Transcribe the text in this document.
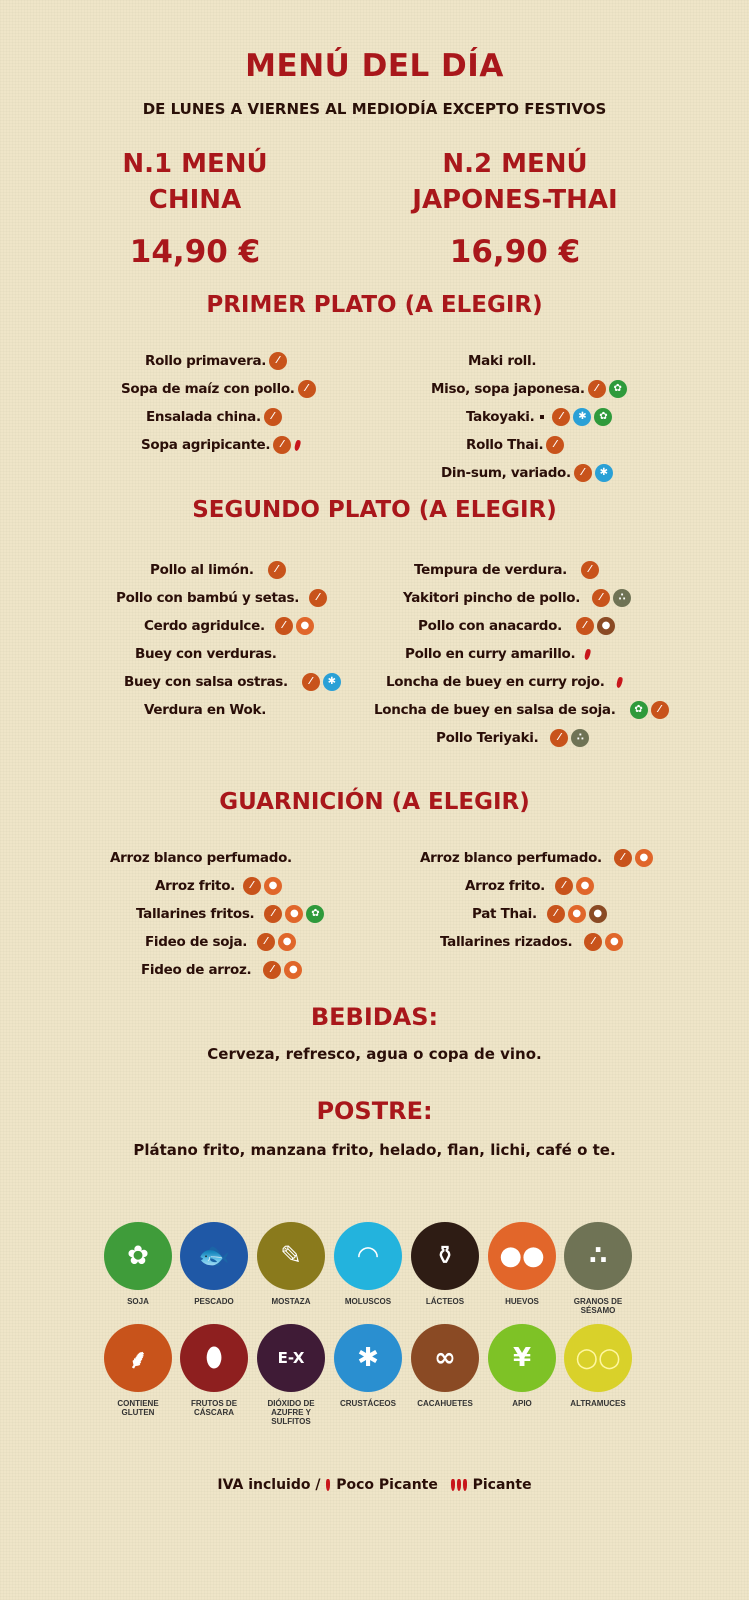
MENÚ DEL DÍA
DE LUNES A VIERNES AL MEDIODÍA EXCEPTO FESTIVOS
N.1 MENÚ
CHINA
N.2 MENÚ
JAPONES-THAI
14,90 €	16,90 €
PRIMER PLATO (A ELEGIR)
Rollo primavera.	⁄
Sopa de maíz con pollo.	⁄
Ensalada china.	⁄
Sopa agripicante.	⁄
Maki roll.
Miso, sopa japonesa.	⁄	✿
Takoyaki.	⁄	✱	✿
Rollo Thai.	⁄
Din-sum, variado.	⁄	✱
SEGUNDO PLATO (A ELEGIR)
Pollo al limón.	⁄
Pollo con bambú y setas.	⁄
Cerdo agridulce.	⁄	●
Buey con verduras.
Buey con salsa ostras.	⁄	✱
Verdura en Wok.
Tempura de verdura.	⁄
Yakitori pincho de pollo.	⁄	∴
Pollo con anacardo.	⁄	●
Pollo en curry amarillo.
Loncha de buey en curry rojo.
Loncha de buey en salsa de soja.	✿	⁄
Pollo Teriyaki.	⁄	∴
GUARNICIÓN (A ELEGIR)
Arroz blanco perfumado.
Arroz frito.	⁄	●
Tallarines fritos.	⁄	●	✿
Fideo de soja.	⁄	●
Fideo de arroz.	⁄	●
Arroz blanco perfumado.	⁄	●
Arroz frito.	⁄	●
Pat Thai.	⁄	●	●
Tallarines rizados.	⁄	●
BEBIDAS:
Cerveza, refresco, agua o copa de vino.
POSTRE:
Plátano frito, manzana frito, helado, flan, lichi, café o te.
IVA incluido / Poco Picante Picante
✿
SOJA
🐟
PESCADO
✎
MOSTAZA
◠
MOLUSCOS
⚱
LÁCTEOS
●●
HUEVOS
∴
GRANOS DE SÉSAMO
⸙
CONTIENE GLUTEN
⬮
FRUTOS DE CÁSCARA
E-X
DIÓXIDO DE AZUFRE Y SULFITOS
✱
CRUSTÁCEOS
∞
CACAHUETES
¥
APIO
○○
ALTRAMUCES
